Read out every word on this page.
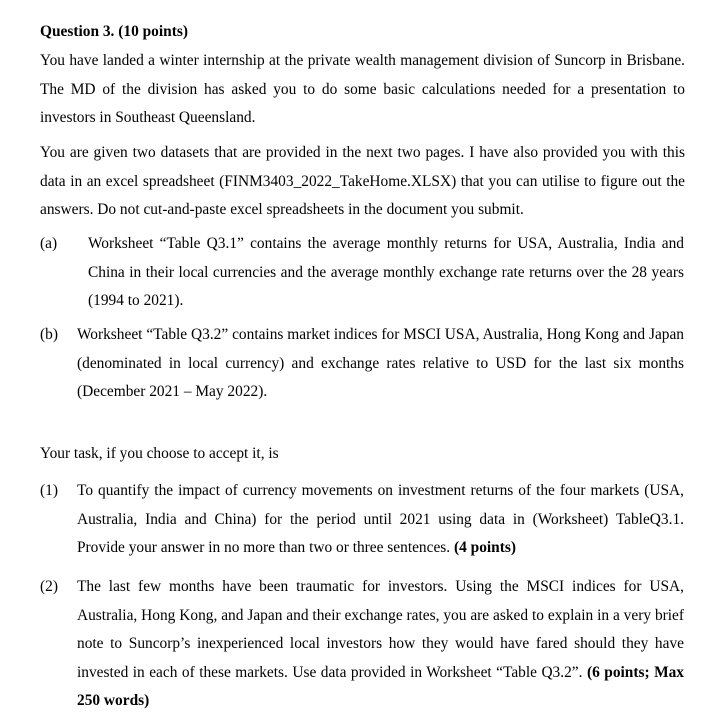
Question 3. (10 points)

You have landed a winter internship at the private wealth management division of Suncorp in Brisbane. The MD of the division has asked you to do some basic calculations needed for a presentation to investors in Southeast Queensland.

You are given two datasets that are provided in the next two pages. I have also provided you with this data in an excel spreadsheet (FINM3403_2022_TakeHome.XLSX) that you can utilise to figure out the answers. Do not cut-and-paste excel spreadsheets in the document you submit.

(a) Worksheet “Table Q3.1” contains the average monthly returns for USA, Australia, India and China in their local currencies and the average monthly exchange rate returns over the 28 years (1994 to 2021).
(b) Worksheet “Table Q3.2” contains market indices for MSCI USA, Australia, Hong Kong and Japan (denominated in local currency) and exchange rates relative to USD for the last six months (December 2021 – May 2022).

Your task, if you choose to accept it, is

(1) To quantify the impact of currency movements on investment returns of the four markets (USA, Australia, India and China) for the period until 2021 using data in (Worksheet) TableQ3.1. Provide your answer in no more than two or three sentences. (4 points)
(2) The last few months have been traumatic for investors. Using the MSCI indices for USA, Australia, Hong Kong, and Japan and their exchange rates, you are asked to explain in a very brief note to Suncorp’s inexperienced local investors how they would have fared should they have invested in each of these markets. Use data provided in Worksheet “Table Q3.2”. (6 points; Max 250 words)
